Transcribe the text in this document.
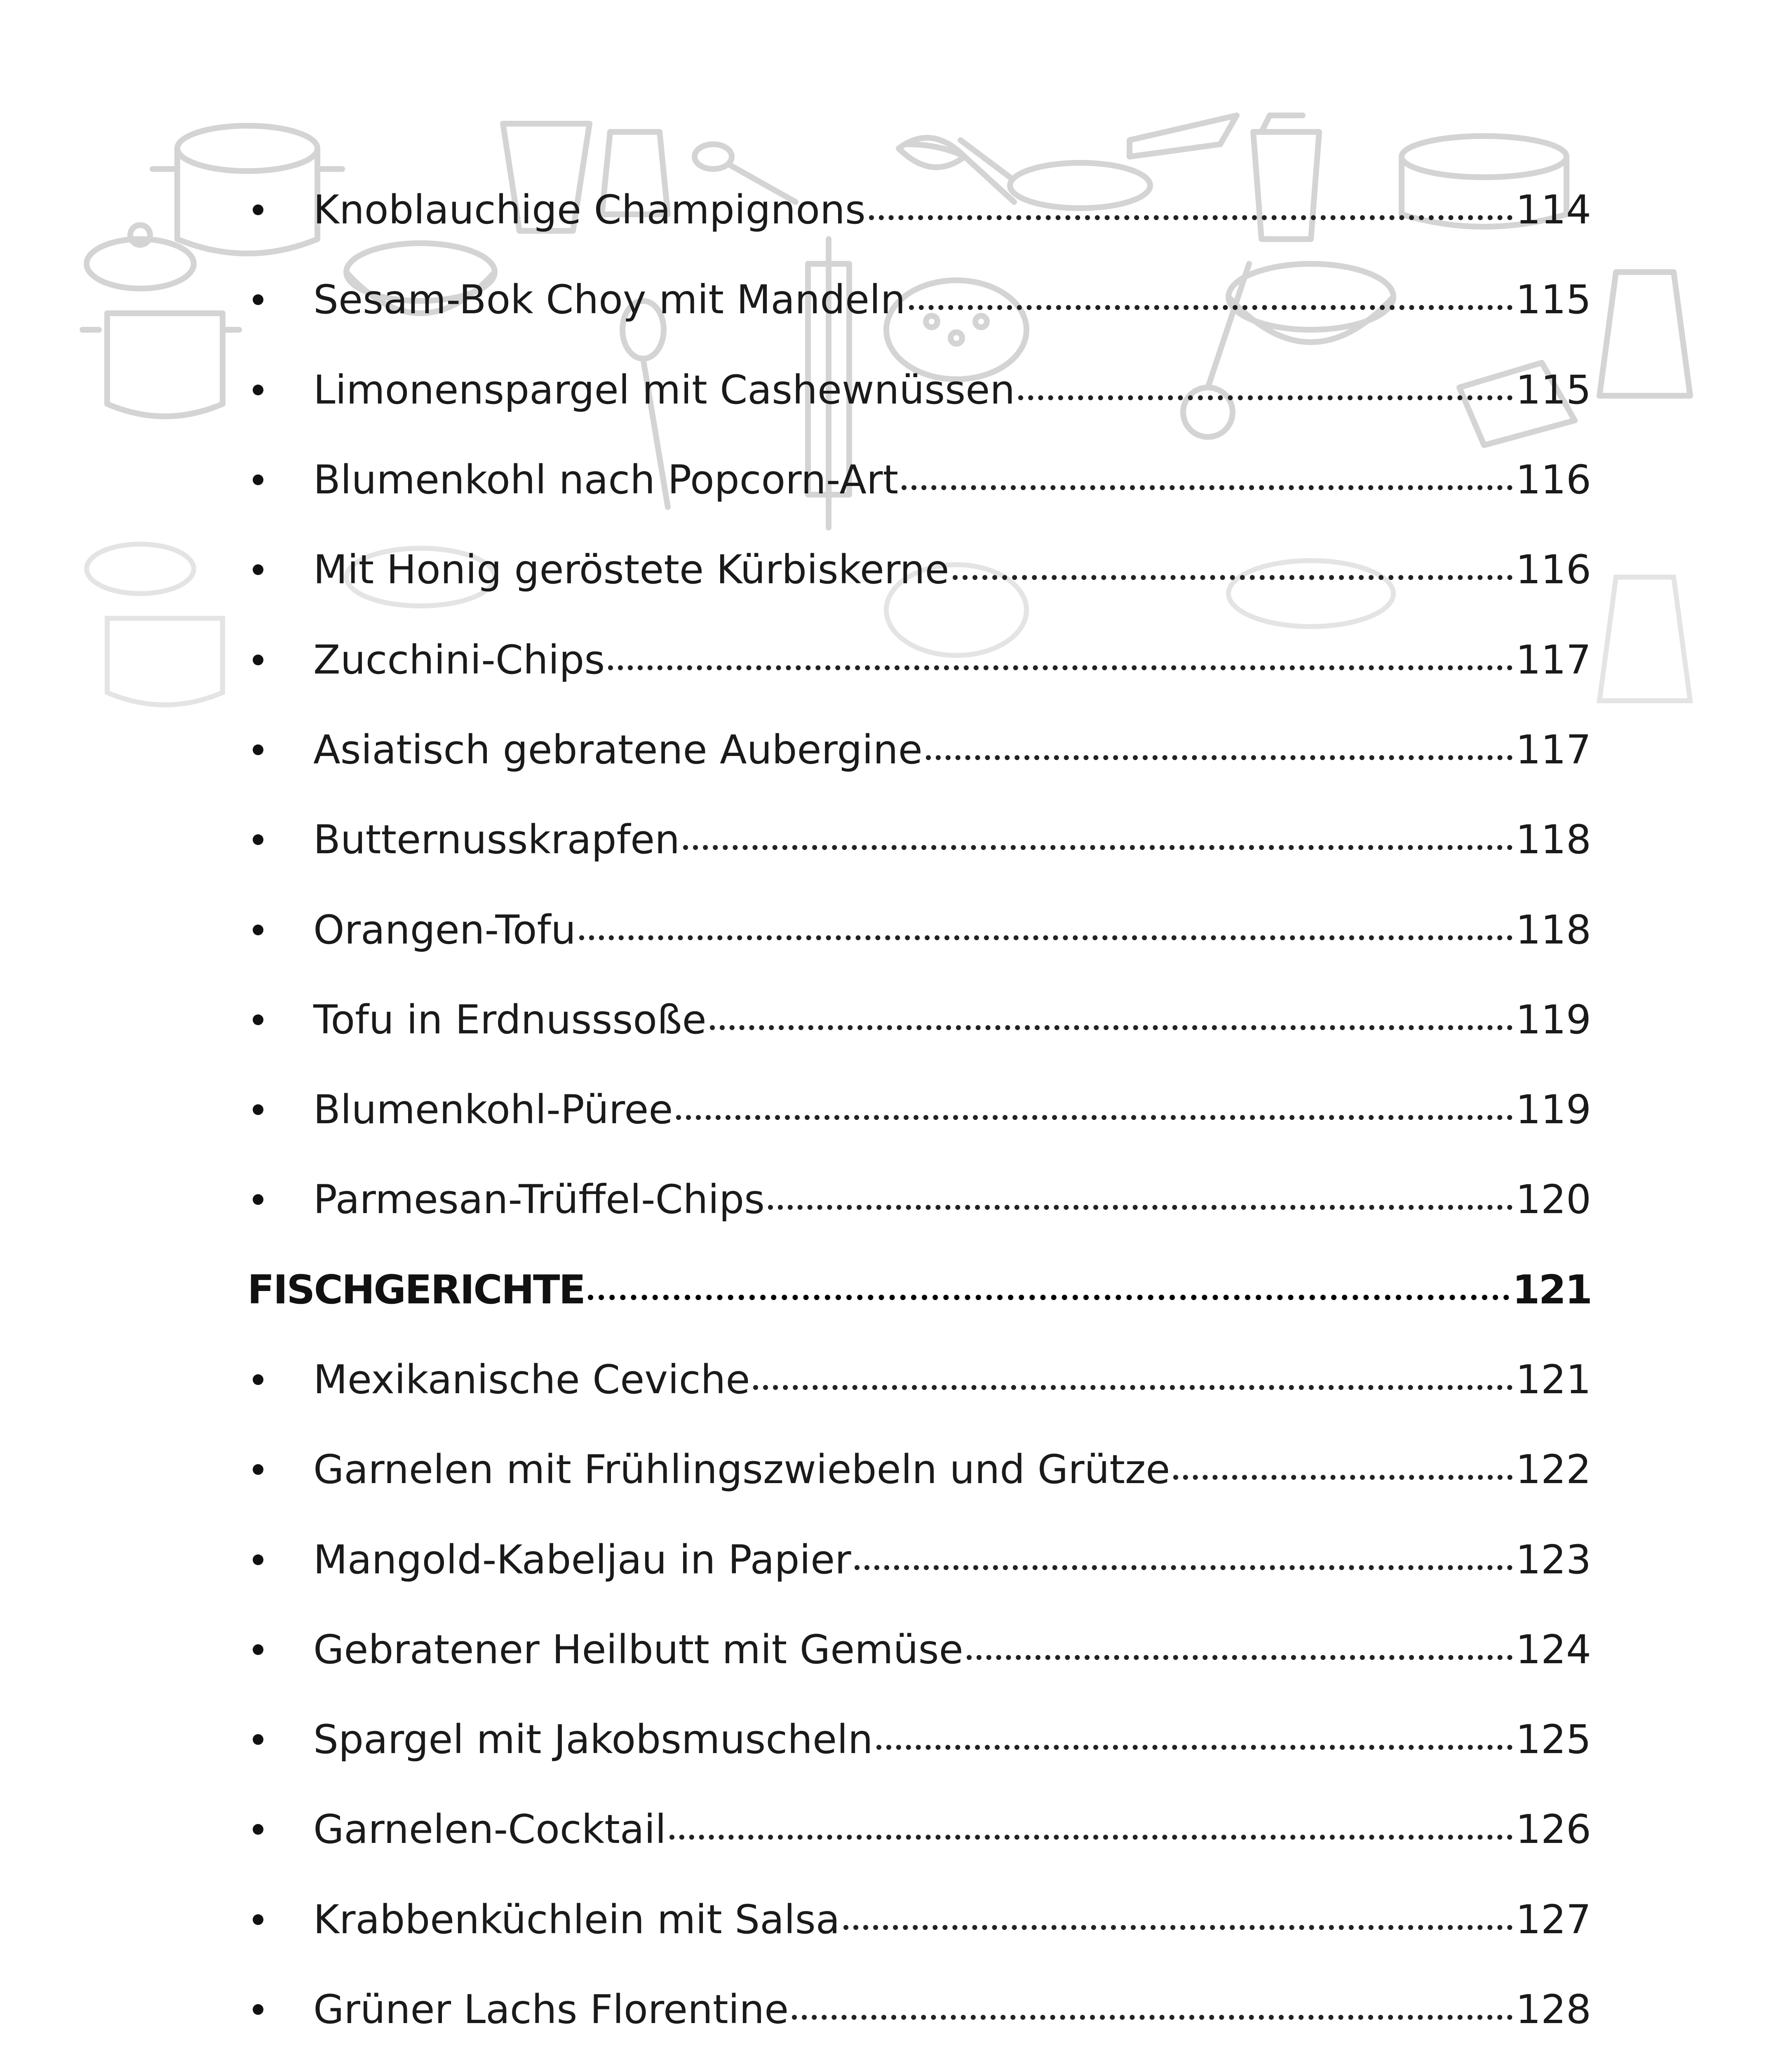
Knoblauchige Champignons	114
Sesam-Bok Choy mit Mandeln	115
Limonenspargel mit Cashewnüssen	115
Blumenkohl nach Popcorn-Art	116
Mit Honig geröstete Kürbiskerne	116
Zucchini-Chips	117
Asiatisch gebratene Aubergine	117
Butternusskrapfen	118
Orangen-Tofu	118
Tofu in Erdnusssoße	119
Blumenkohl-Püree	119
Parmesan-Trüffel-Chips	120
FISCHGERICHTE	121
Mexikanische Ceviche	121
Garnelen mit Frühlingszwiebeln und Grütze	122
Mangold-Kabeljau in Papier	123
Gebratener Heilbutt mit Gemüse	124
Spargel mit Jakobsmuscheln	125
Garnelen-Cocktail	126
Krabbenküchlein mit Salsa	127
Grüner Lachs Florentine	128
